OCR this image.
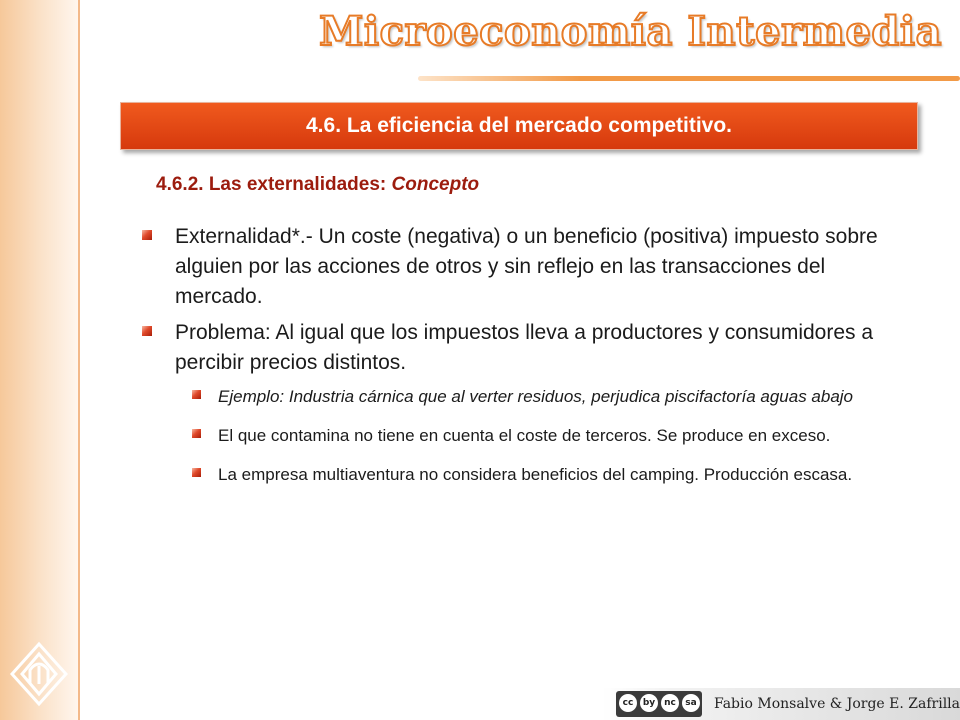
Microeconomía Intermedia
4.6. La eficiencia del mercado competitivo.
4.6.2. Las externalidades: Concepto
Externalidad*.- Un coste (negativa) o un beneficio (positiva) impuesto sobre alguien por las acciones de otros y sin reflejo en las transacciones del mercado.
Problema: Al igual que los impuestos lleva a productores y consumidores a percibir precios distintos.
Ejemplo: Industria cárnica que al verter residuos, perjudica piscifactoría aguas abajo
El que contamina no tiene en cuenta el coste de terceros. Se produce en exceso.
La empresa multiaventura no considera beneficios del camping. Producción escasa.
cc	by nc	sa Fabio Monsalve & Jorge E. Zafrilla
